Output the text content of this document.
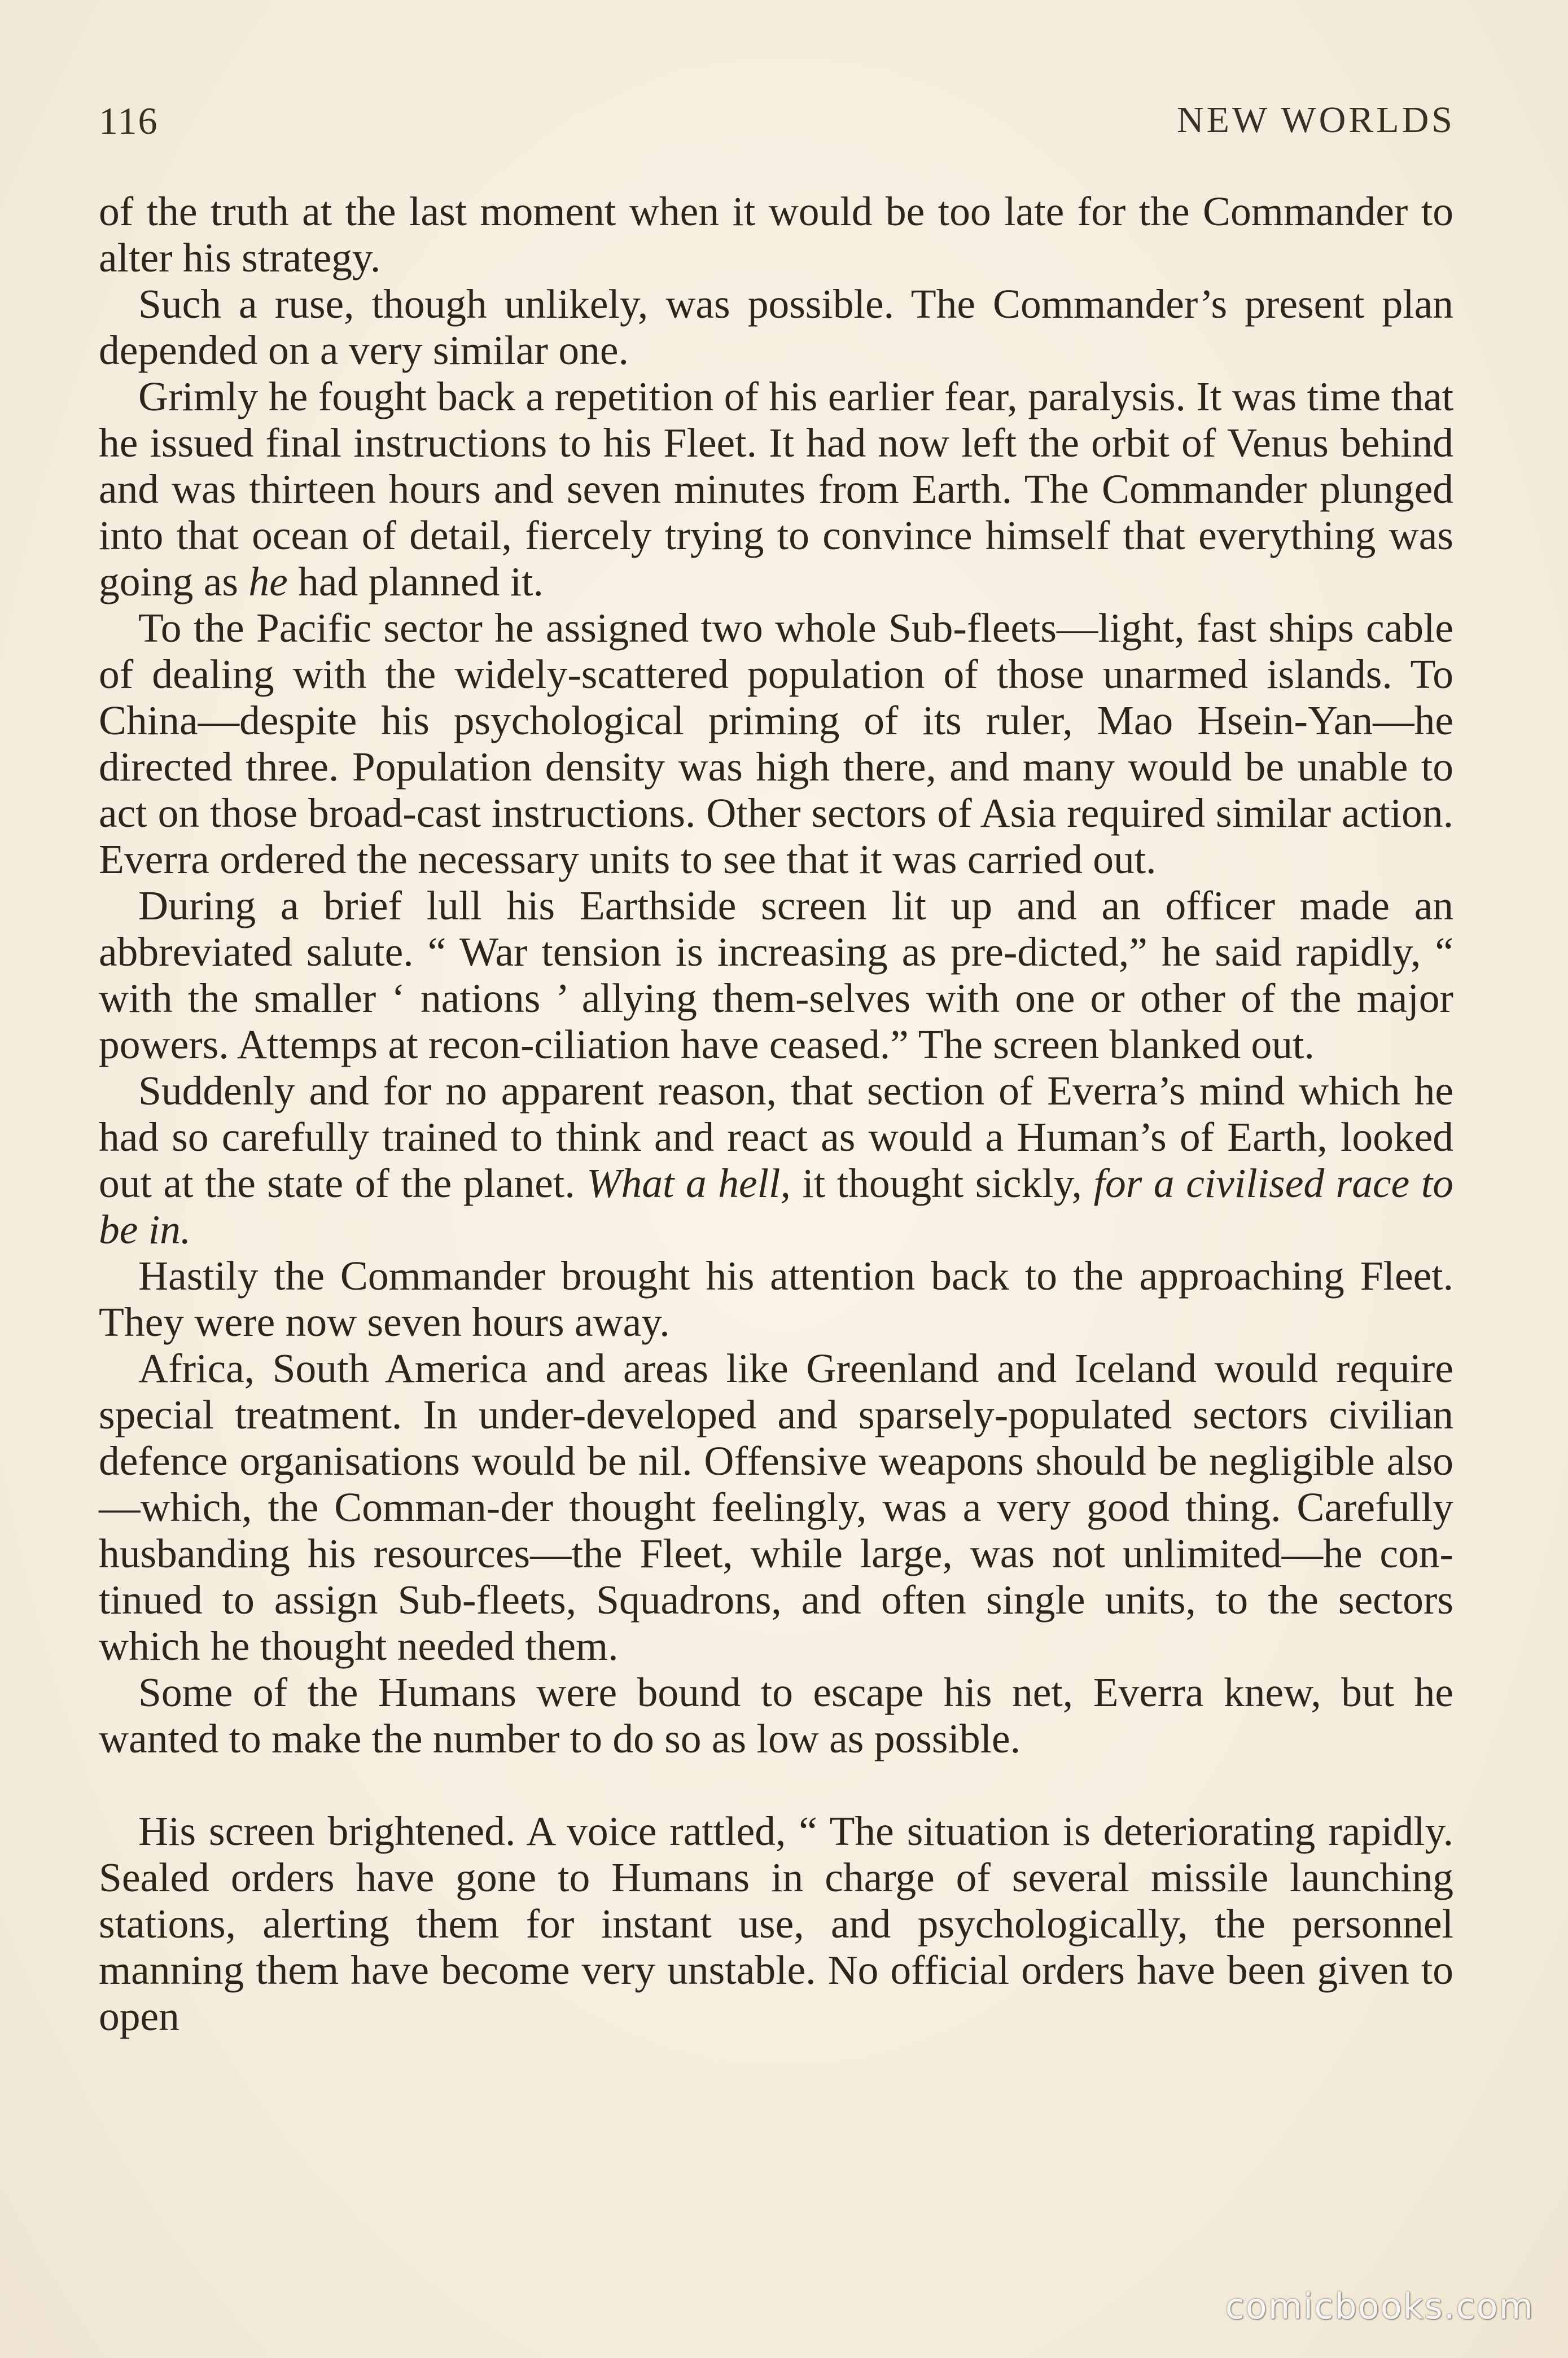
116	NEW WORLDS

of the truth at the last moment when it would be too late for the Commander to alter his strategy.

Such a ruse, though unlikely, was possible. The Commander’s present plan depended on a very similar one.

Grimly he fought back a repetition of his earlier fear, paralysis. It was time that he issued final instructions to his Fleet. It had now left the orbit of Venus behind and was thirteen hours and seven minutes from Earth. The Commander plunged into that ocean of detail, fiercely trying to convince himself that everything was going as he had planned it.

To the Pacific sector he assigned two whole Sub-fleets—light, fast ships cable of dealing with the widely-scattered population of those unarmed islands. To China—despite his psychological priming of its ruler, Mao Hsein-Yan—he directed three. Population density was high there, and many would be unable to act on those broad-cast instructions. Other sectors of Asia required similar action. Everra ordered the necessary units to see that it was carried out.

During a brief lull his Earthside screen lit up and an officer made an abbreviated salute. “ War tension is increasing as pre-dicted,” he said rapidly, “ with the smaller ‘ nations ’ allying them-selves with one or other of the major powers. Attemps at recon-ciliation have ceased.” The screen blanked out.

Suddenly and for no apparent reason, that section of Everra’s mind which he had so carefully trained to think and react as would a Human’s of Earth, looked out at the state of the planet. What a hell, it thought sickly, for a civilised race to be in.

Hastily the Commander brought his attention back to the approaching Fleet. They were now seven hours away.

Africa, South America and areas like Greenland and Iceland would require special treatment. In under-developed and sparsely-populated sectors civilian defence organisations would be nil. Offensive weapons should be negligible also—which, the Comman-der thought feelingly, was a very good thing. Carefully husbanding his resources—the Fleet, while large, was not unlimited—he con-tinued to assign Sub-fleets, Squadrons, and often single units, to the sectors which he thought needed them.

Some of the Humans were bound to escape his net, Everra knew, but he wanted to make the number to do so as low as possible.

His screen brightened. A voice rattled, “ The situation is deteriorating rapidly. Sealed orders have gone to Humans in charge of several missile launching stations, alerting them for instant use, and psychologically, the personnel manning them have become very unstable. No official orders have been given to open

comicbooks.com
